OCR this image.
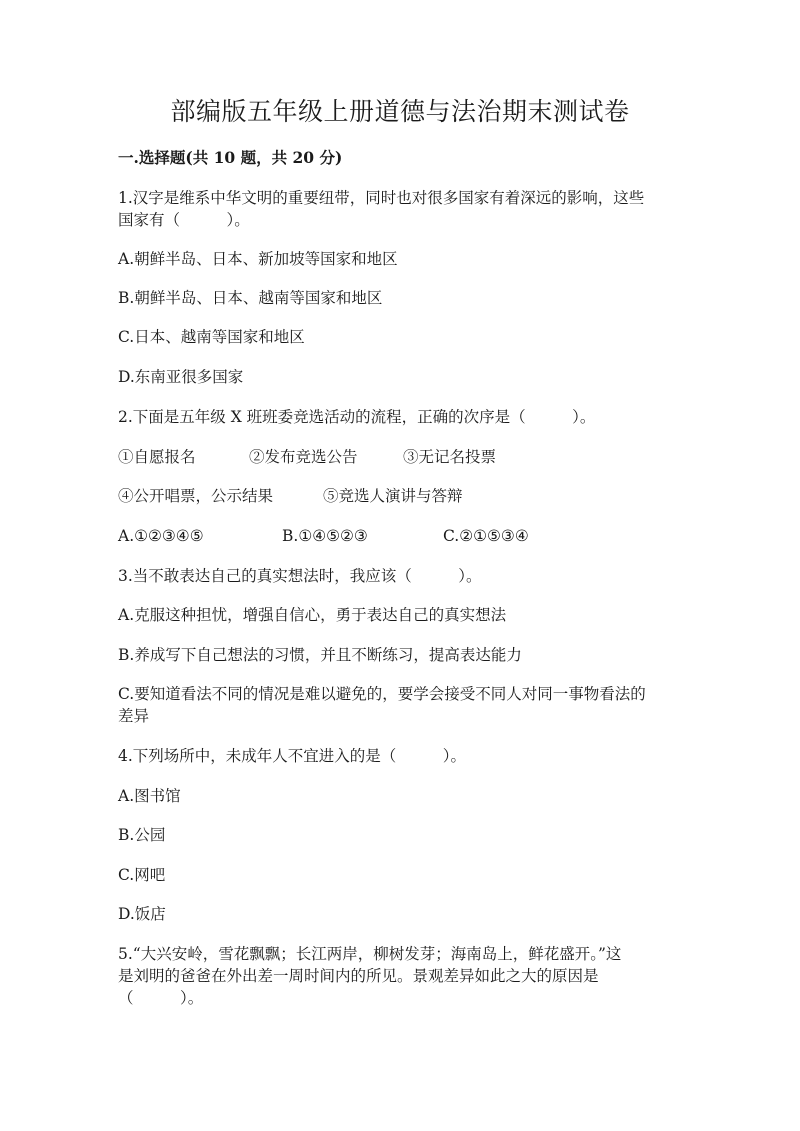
部编版五年级上册道德与法治期末测试卷
一.选择题(共 10 题，共 20 分)
1.汉字是维系中华文明的重要纽带，同时也对很多国家有着深远的影响，这些
国家有（　　　）。
A.朝鲜半岛、日本、新加坡等国家和地区
B.朝鲜半岛、日本、越南等国家和地区
C.日本、越南等国家和地区
D.东南亚很多国家
2.下面是五年级 X 班班委竞选活动的流程，正确的次序是（　　　）。
①自愿报名	②发布竞选公告	③无记名投票
④公开唱票，公示结果	⑤竞选人演讲与答辩
A.①②③④⑤	B.①④⑤②③	C.②①⑤③④
3.当不敢表达自己的真实想法时，我应该（　　　）。
A.克服这种担忧，增强自信心，勇于表达自己的真实想法
B.养成写下自己想法的习惯，并且不断练习，提高表达能力
C.要知道看法不同的情况是难以避免的，要学会接受不同人对同一事物看法的
差异
4.下列场所中，未成年人不宜进入的是（　　　）。
A.图书馆
B.公园
C.网吧
D.饭店
5.“大兴安岭，雪花飘飘；长江两岸，柳树发芽；海南岛上，鲜花盛开。”这
是刘明的爸爸在外出差一周时间内的所见。景观差异如此之大的原因是
（　　　）。
